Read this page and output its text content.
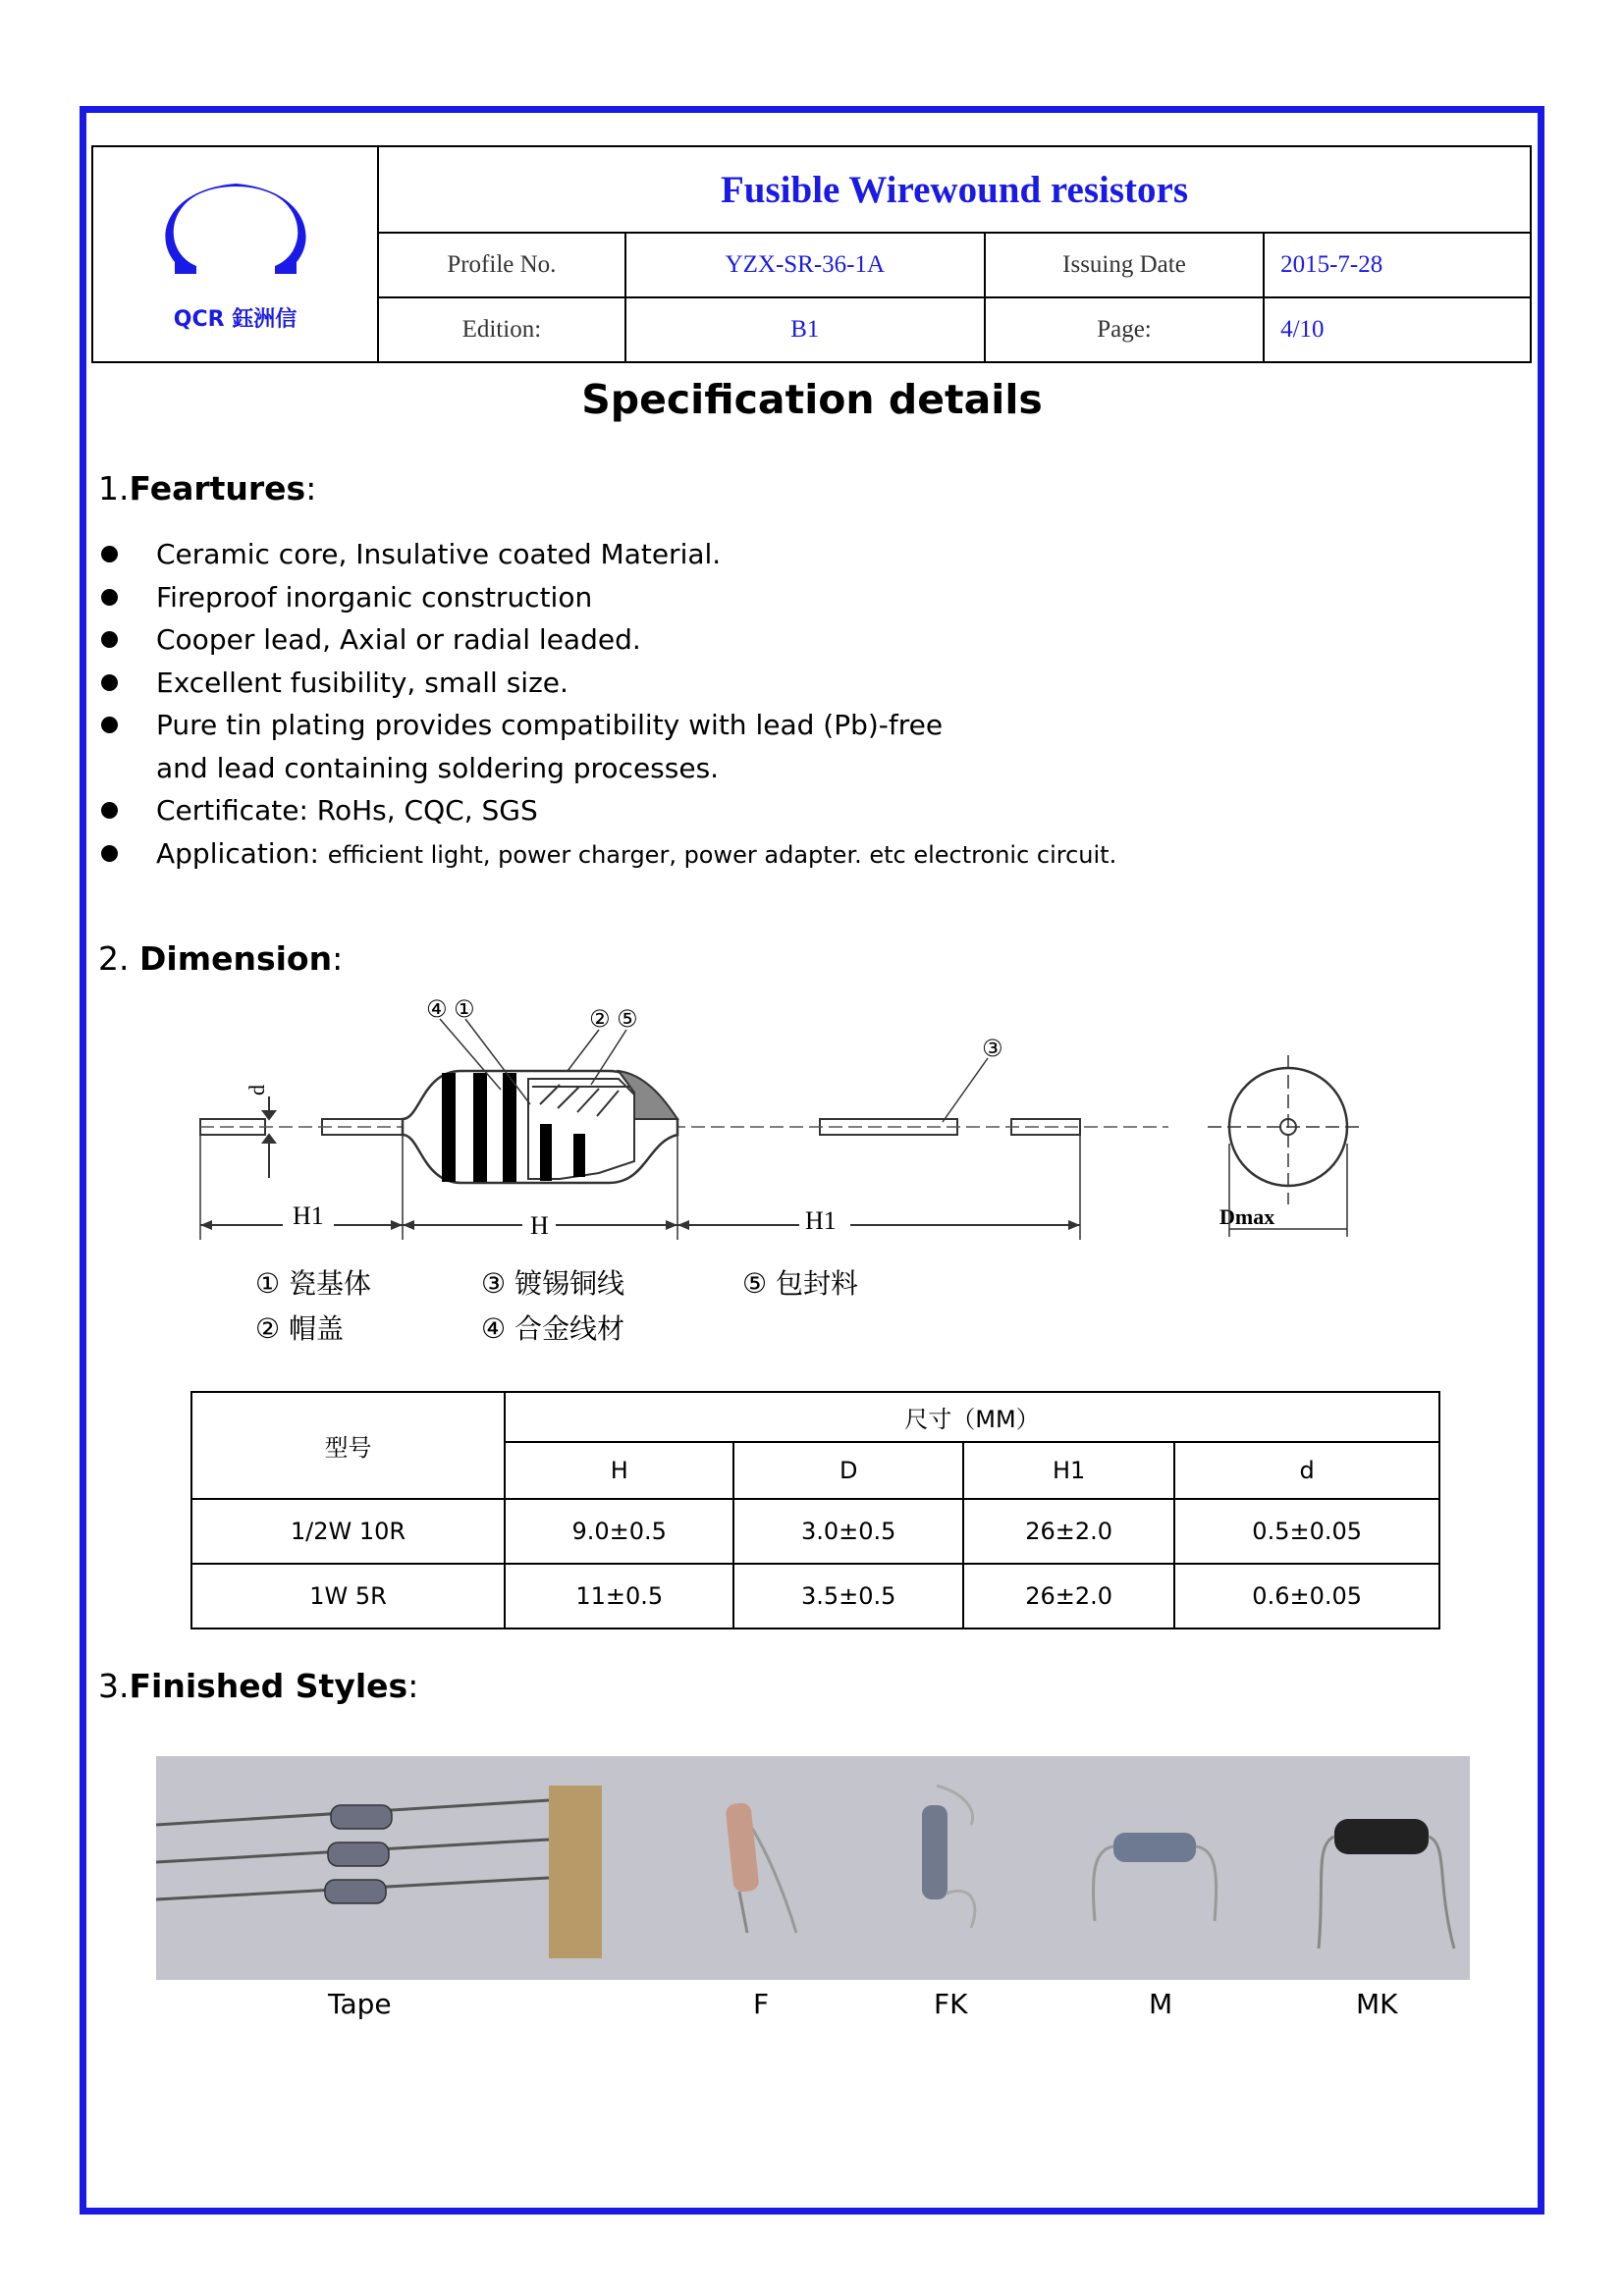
QCR 鈺洲信	Fusible Wirewound resistors			
	Profile No.	YZX-SR-36-1A	Issuing Date	2015-7-28
	Edition:	B1	Page:	4/10
Specification details
1.Feartures:
Ceramic core, Insulative coated Material.
Fireproof inorganic construction
Cooper lead, Axial or radial leaded.
Excellent fusibility, small size.
Pure tin plating provides compatibility with lead (Pb)-free
and lead containing soldering processes.
Certificate: RoHs, CQC, SGS
Application: efficient light, power charger, power adapter. etc electronic circuit.
2. Dimension:
④ ①	② ⑤
③
d
H1	H	H1	Dmax
① 瓷基体	③ 镀锡铜线	⑤ 包封料
② 帽盖	④ 合金线材
型号	尺寸（MM）			
	H	D	H1	d
1/2W 10R	9.0±0.5	3.0±0.5	26±2.0	0.5±0.05
1W 5R	11±0.5	3.5±0.5	26±2.0	0.6±0.05
3.Finished Styles:
Tape	F	FK	M	MK
